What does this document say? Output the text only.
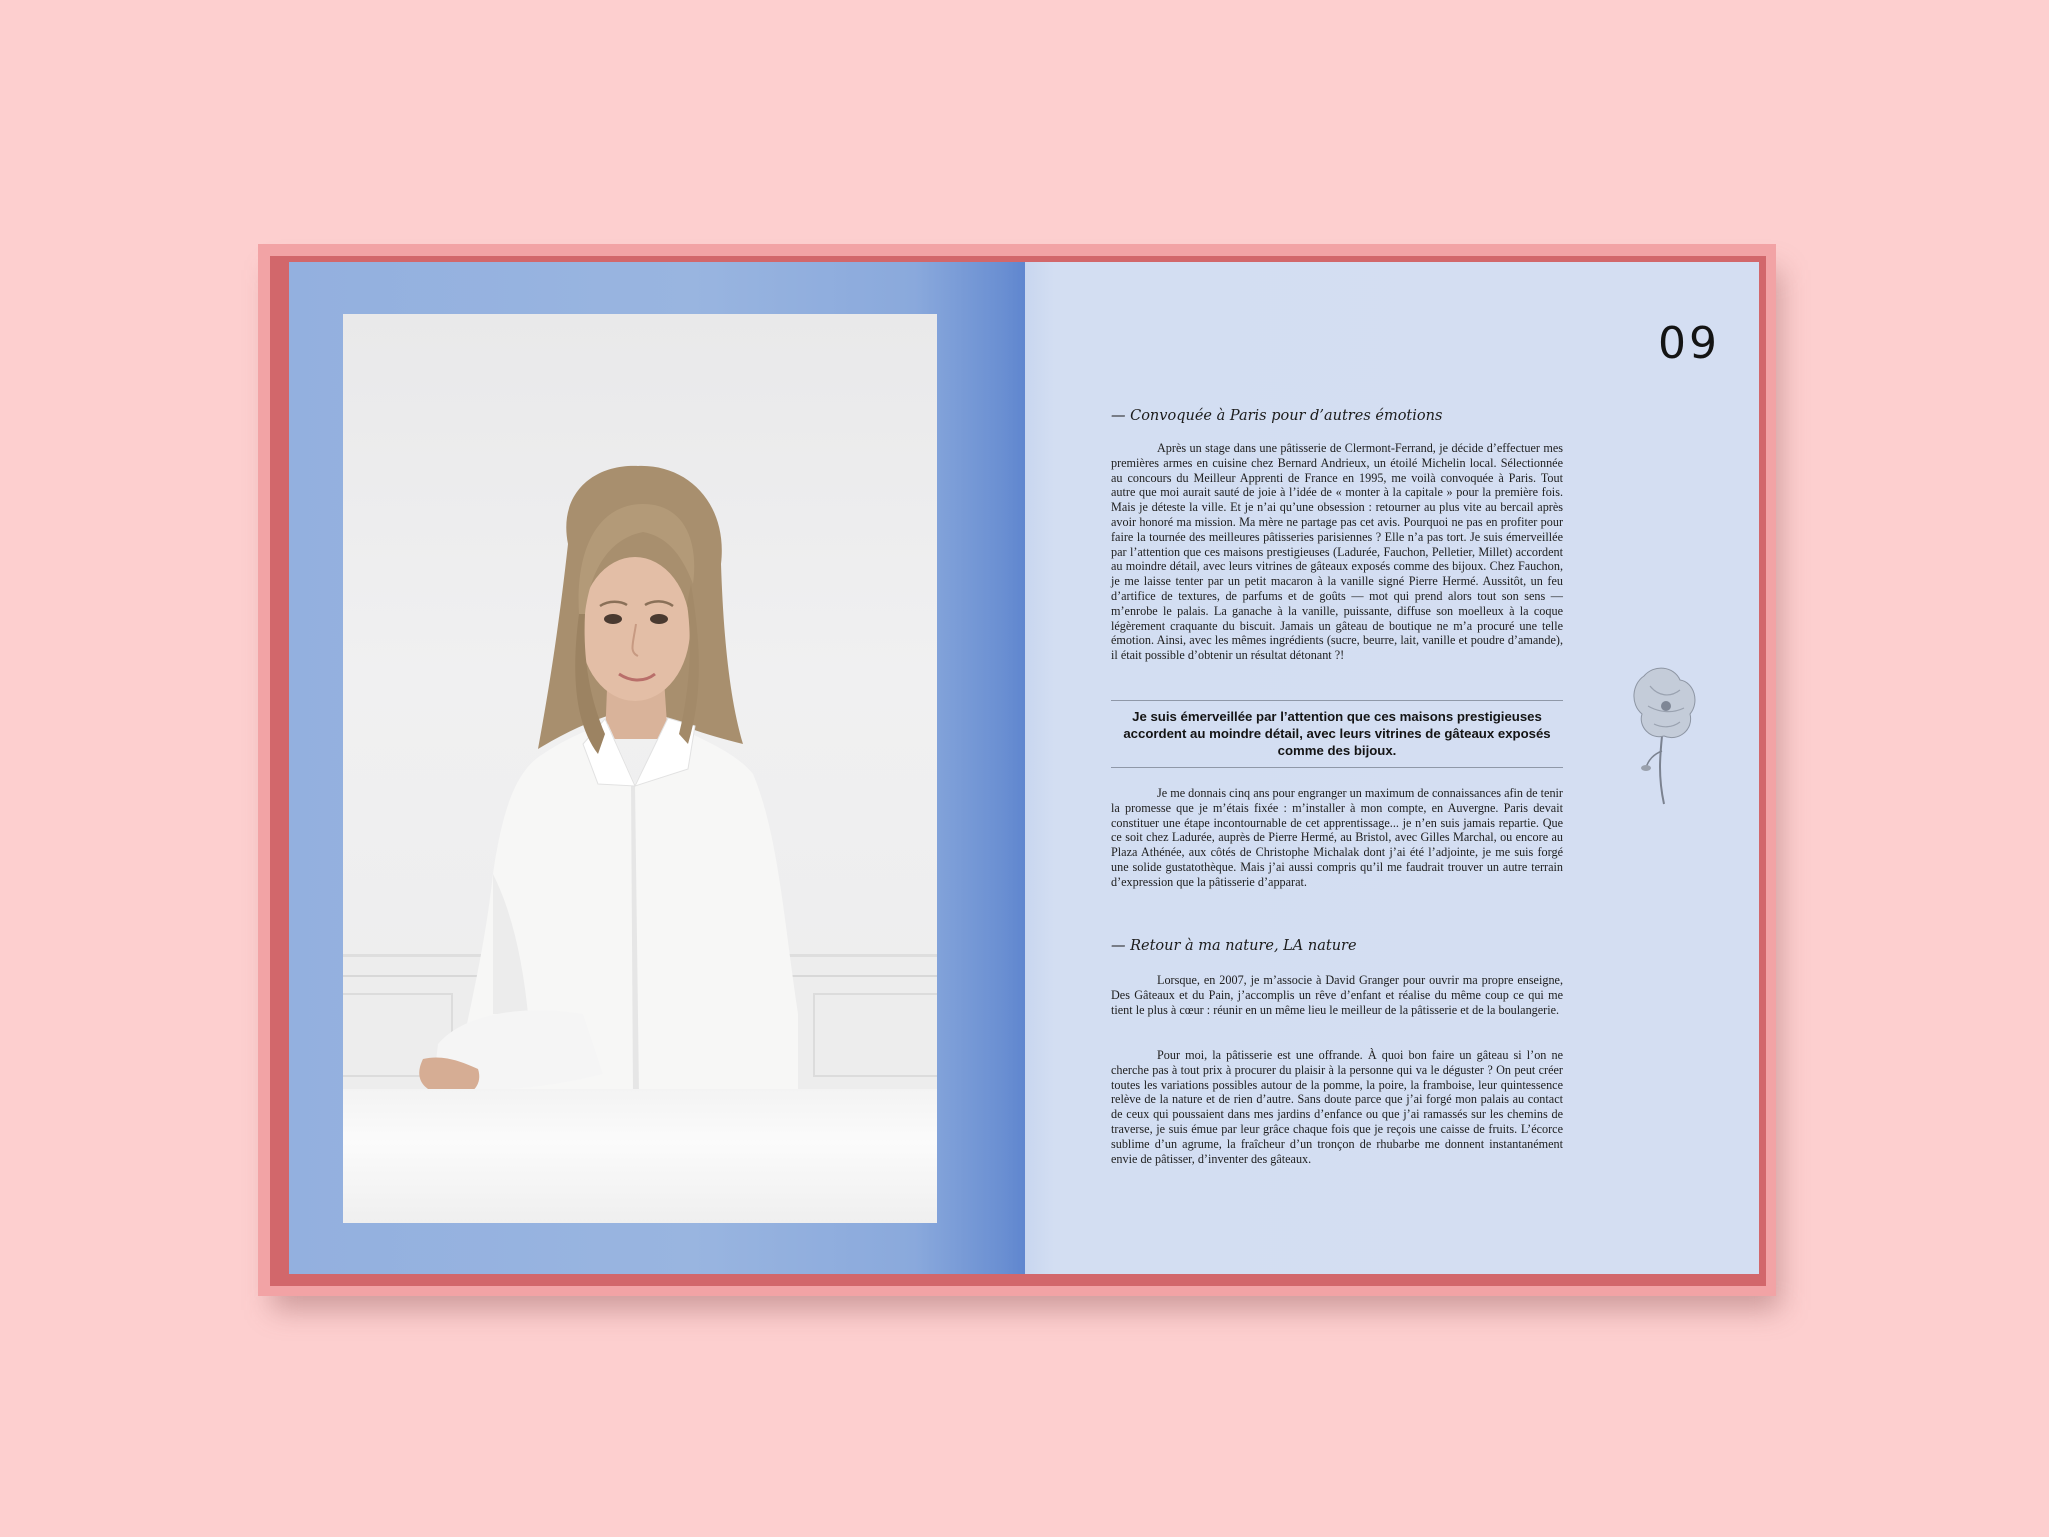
09
— Convoquée à Paris pour d’autres émotions
Après un stage dans une pâtisserie de Clermont-Ferrand, je décide d’effectuer mes premières armes en cuisine chez Bernard Andrieux, un étoilé Michelin local. Sélectionnée au concours du Meilleur Apprenti de France en 1995, me voilà convoquée à Paris. Tout autre que moi aurait sauté de joie à l’idée de « monter à la capitale » pour la première fois. Mais je déteste la ville. Et je n’ai qu’une obsession : retourner au plus vite au bercail après avoir honoré ma mission. Ma mère ne partage pas cet avis. Pourquoi ne pas en profiter pour faire la tournée des meilleures pâtisseries parisiennes ? Elle n’a pas tort. Je suis émerveillée par l’attention que ces maisons prestigieuses (Ladurée, Fauchon, Pelletier, Millet) accordent au moindre détail, avec leurs vitrines de gâteaux exposés comme des bijoux. Chez Fauchon, je me laisse tenter par un petit macaron à la vanille signé Pierre Hermé. Aussitôt, un feu d’artifice de textures, de parfums et de goûts — mot qui prend alors tout son sens — m’enrobe le palais. La ganache à la vanille, puissante, diffuse son moelleux à la coque légèrement craquante du biscuit. Jamais un gâteau de boutique ne m’a procuré une telle émotion. Ainsi, avec les mêmes ingrédients (sucre, beurre, lait, vanille et poudre d’amande), il était possible d’obtenir un résultat détonant ?!
Je suis émerveillée par l’attention que ces maisons prestigieuses accordent au moindre détail, avec leurs vitrines de gâteaux exposés comme des bijoux.
Je me donnais cinq ans pour engranger un maximum de connaissances afin de tenir la promesse que je m’étais fixée : m’installer à mon compte, en Auvergne. Paris devait constituer une étape incontournable de cet apprentissage... je n’en suis jamais repartie. Que ce soit chez Ladurée, auprès de Pierre Hermé, au Bristol, avec Gilles Marchal, ou encore au Plaza Athénée, aux côtés de Christophe Michalak dont j’ai été l’adjointe, je me suis forgé une solide gustatothèque. Mais j’ai aussi compris qu’il me faudrait trouver un autre terrain d’expression que la pâtisserie d’apparat.
— Retour à ma nature, LA nature
Lorsque, en 2007, je m’associe à David Granger pour ouvrir ma propre enseigne, Des Gâteaux et du Pain, j’accomplis un rêve d’enfant et réalise du même coup ce qui me tient le plus à cœur : réunir en un même lieu le meilleur de la pâtisserie et de la boulangerie.
Pour moi, la pâtisserie est une offrande. À quoi bon faire un gâteau si l’on ne cherche pas à tout prix à procurer du plaisir à la personne qui va le déguster ? On peut créer toutes les variations possibles autour de la pomme, la poire, la framboise, leur quintessence relève de la nature et de rien d’autre. Sans doute parce que j’ai forgé mon palais au contact de ceux qui poussaient dans mes jardins d’enfance ou que j’ai ramassés sur les chemins de traverse, je suis émue par leur grâce chaque fois que je reçois une caisse de fruits. L’écorce sublime d’un agrume, la fraîcheur d’un tronçon de rhubarbe me donnent instantanément envie de pâtisser, d’inventer des gâteaux.
